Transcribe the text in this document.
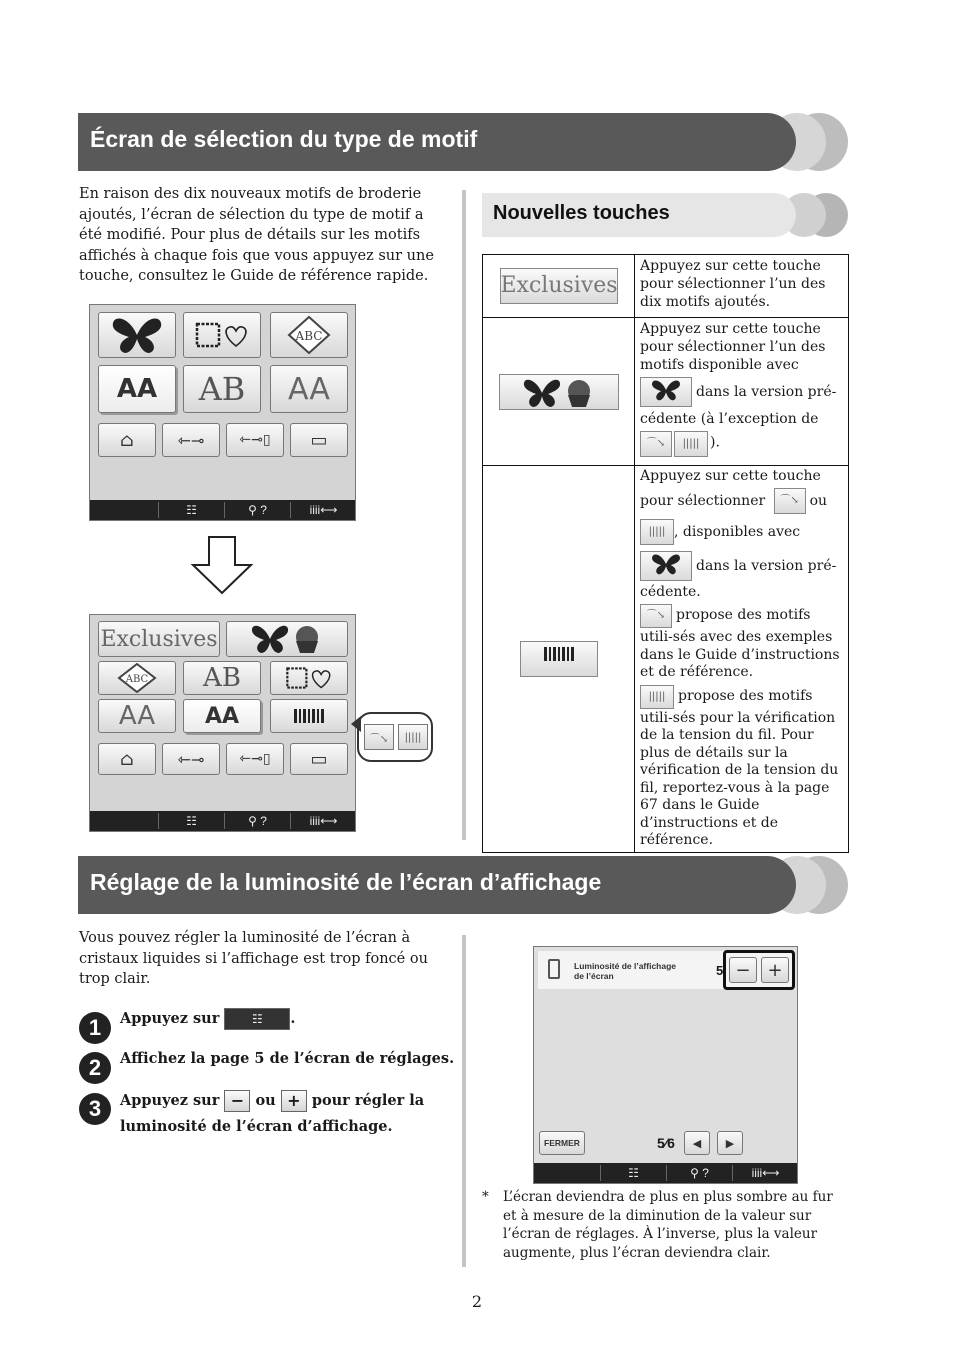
Écran de sélection du type de motif
En raison des dix nouveaux motifs de broderie ajoutés, l’écran de sélection du type de motif a été modifié. Pour plus de détails sur les motifs affichés à chaque fois que vous appuyez sur une touche, consultez le Guide de référence rapide.
ABC
AA	AB	AA
⌂	⇽⊸	⇽⊸▯ ▭
☷	⚲ ?	iiii⟷
Exclusives
ABC	AB
AA	AA
⌂	⇽⊸	⇽⊸▯ ▭
☷	⚲ ?	iiii⟷
⌒↘	|||||
Nouvelles touches
Exclusives	Appuyez sur cette touche pour sélectionner l’un des dix motifs ajoutés.
	Appuyez sur cette touche pour sélectionner l’un des motifs disponible avec
dans la version pré-cédente (à l’exception de
⌒↘ ||||| ).
	Appuyez sur cette touche pour sélectionner ⌒↘ ou
||||| , disponibles avec
dans la version pré-cédente.
⌒↘ propose des motifs utili-sés avec des exemples dans le Guide d’instructions et de référence.
||||| propose des motifs utili-sés pour la vérification de la tension du fil. Pour plus de détails sur la vérification de la tension du fil, reportez-vous à la page 67 dans le Guide d’instructions et de référence.
Réglage de la luminosité de l’écran d’affichage
Vous pouvez régler la luminosité de l’écran à cristaux liquides si l’affichage est trop foncé ou trop clair.
1	Appuyez sur	☷ .
2	Affichez la page 5 de l’écran de réglages.
3	Appuyez sur − ou + pour régler la luminosité de l’écran d’affichage.
Luminosité de l’affichage
de l’écran	5 − +
FERMER	5⁄6 ◀ ▶
☷	⚲ ?	iiii⟷
* L’écran deviendra de plus en plus sombre au fur et à mesure de la diminution de la valeur sur l’écran de réglages. À l’inverse, plus la valeur augmente, plus l’écran deviendra clair.
2
